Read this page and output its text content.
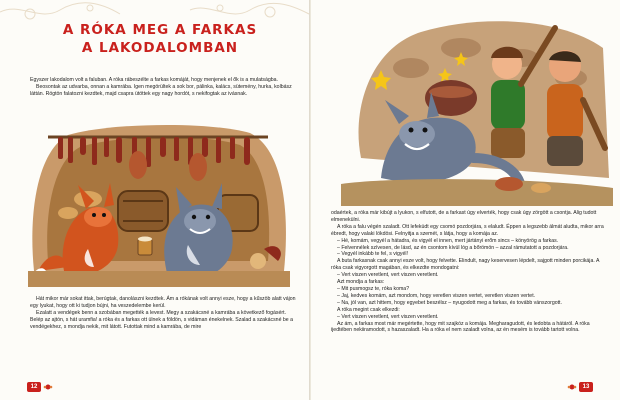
A RÓKA MEG A FARKAS
A LAKODALOMBAN

Egyszer lakodalom volt a faluban. A róka rábeszélte a farkas komáját, hogy menjenek el ők is a mulatságba.

Beosontak az udvarba, onnan a kamrába. Igen megörültek a sok bor, pálinka, kalács, sütemény, hurka, kolbász láttán. Rögtön falatozni kezdtek, majd csapra ütöttek egy nagy hordót, s nekifogtak az ivásnak.

Hát mikor már sokat ittak, berúgtak, danolászni kezdtek. Ám a rókának volt annyi esze, hogy a kűszöb alatt vájon egy lyukat, hogy ott ki tudjon bújni, ha veszedelembe kerül.

Ezalatt a vendégek benn a szobában megették a levest. Megy a szakácsné a kamrába a következő fogásért. Belép az ajtón, s hát uramfia! a róka és a farkas ott ülnek a földön, s vidáman énekelnek. Szalad a szakácsné be a vendégekhez, s mondja nekik, mit látott. Futottak mind a kamrába, de mire

12

odaértek, a róka már kibújt a lyukon, s elfutott, de a farkast úgy elverték, hogy csak úgy zörgött a csontja. Alig tudott elmenekülni.

A róka a falu végén szaladt. Ott lefeküdt egy csomó pozdorjára, s elaludt. Éppen a legszebb álmát aludta, mikor arra ébredt, hogy valaki lökdösi. Felnyitja a szemét, s látja, hogy a komája az.

– Hé, komám, vegyél a hátadra, és vigyél el innen, mert jártányi erőm sincs – könyörög a farkas.

– Felvennélek szívesen, de lásd, az én csontom kívül lóg a bőrömön – azzal rámutatott a pozdorjára.

– Vegyél inkább te fel, s vigyél!

A buta farkasnak csak annyi esze volt, hogy felvette. Elindult, nagy keservesen lépdelt, sajgott minden porcikája. A róka csak vigyorgott magában, és elkezdte mondogatni:

– Vert viszen veretlent, vert viszen veretlent.

Azt mondja a farkas:

– Mit pusmogsz te, róka koma?

– Jaj, kedves komám, azt mondom, hogy veretlen viszen vertet, veretlen viszen vertet.

– Na, jól van, azt hittem, hogy egyebet beszélsz – nyugodott meg a farkas, és tovább vánszorgott.

A róka megint csak elkezdi:

– Vert viszen veretlent, vert viszen veretlent.

Az ám, a farkas most már megértette, hogy mit szajkóz a komája. Megharagudott, és ledobta a hátáról. A róka ijedtében nekiiramodott, s hazaszaladt. Ha a róka el nem szaladt volna, az én mesém is tovább tartott volna.

13
